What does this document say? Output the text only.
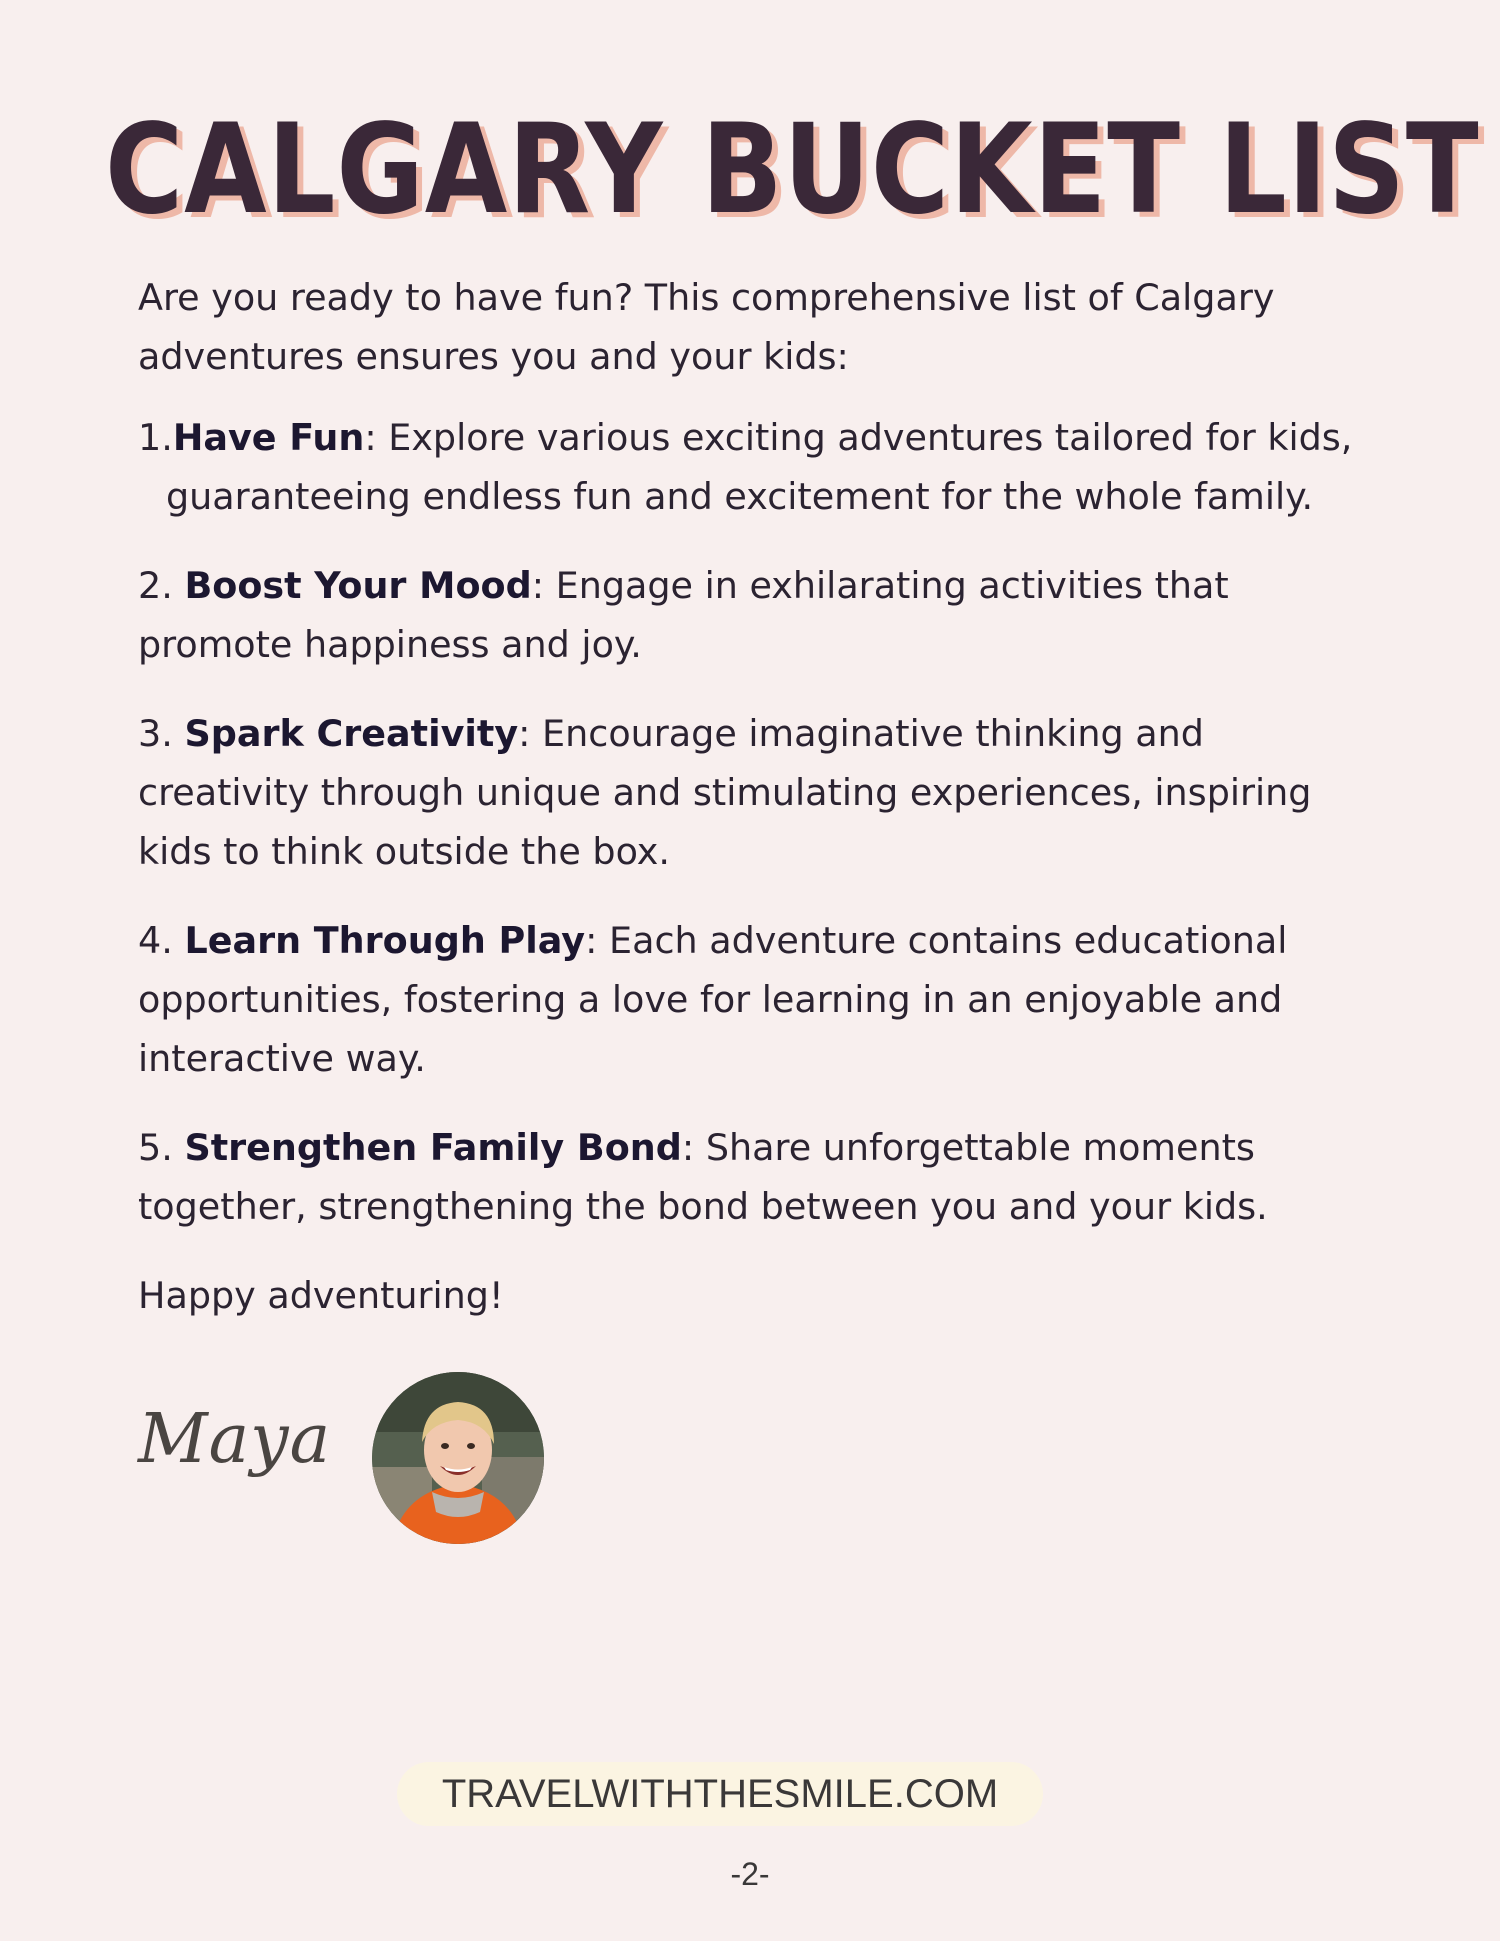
CALGARY BUCKET LIST

Are you ready to have fun? This comprehensive list of Calgary adventures ensures you and your kids:

1.Have Fun: Explore various exciting adventures tailored for kids,
guaranteeing endless fun and excitement for the whole family.
2. Boost Your Mood: Engage in exhilarating activities that promote happiness and joy.
3. Spark Creativity: Encourage imaginative thinking and creativity through unique and stimulating experiences, inspiring kids to think outside the box.
4. Learn Through Play: Each adventure contains educational opportunities, fostering a love for learning in an enjoyable and interactive way.
5. Strengthen Family Bond: Share unforgettable moments together, strengthening the bond between you and your kids.

Happy adventuring!

Maya
TRAVELWITHTHESMILE.COM
-2-
